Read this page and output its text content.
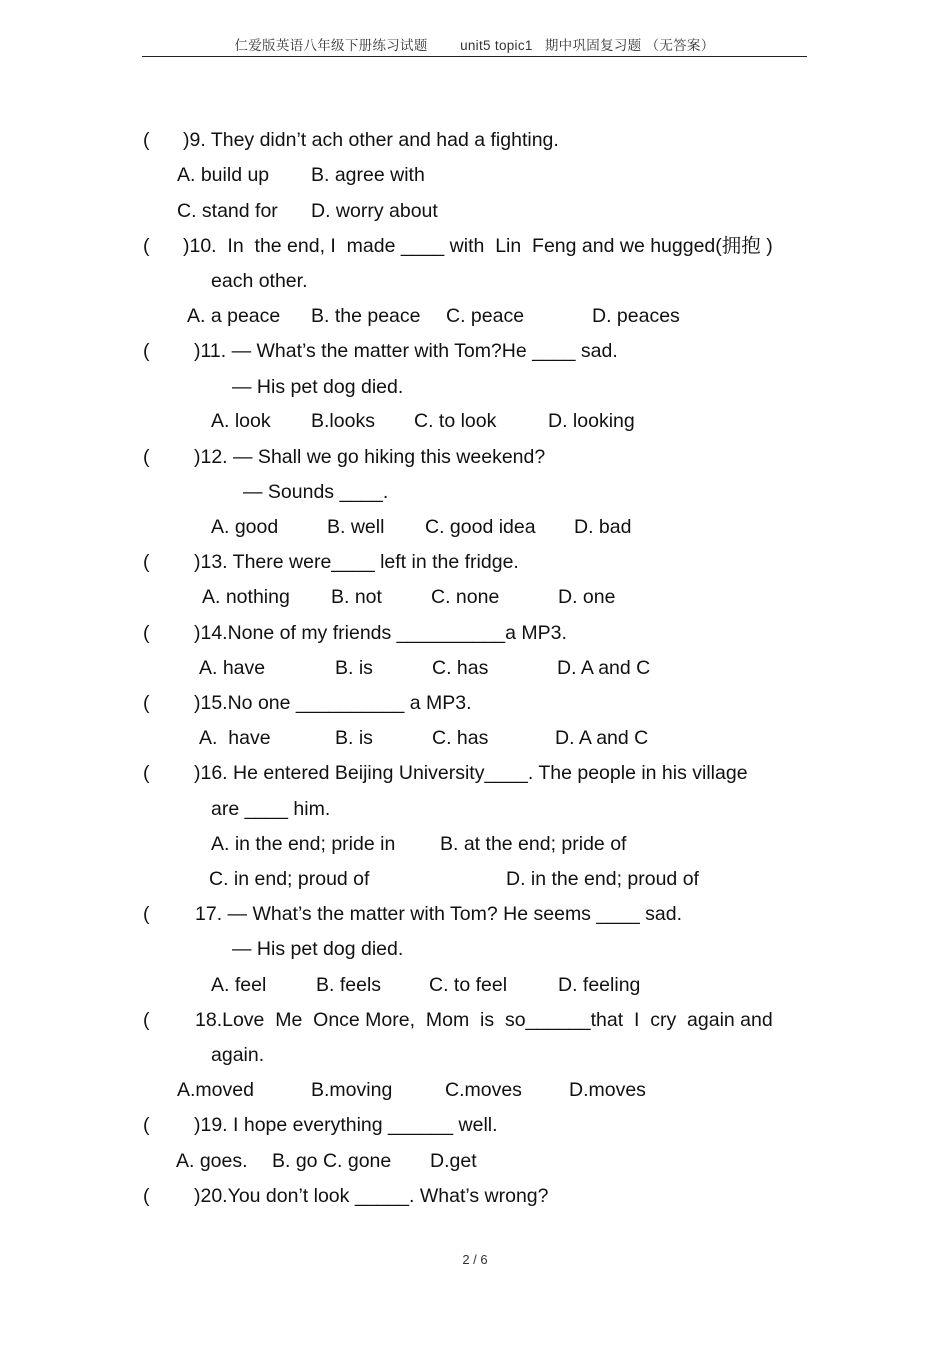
仁爱版英语八年级下册练习试题 unit5 topic1 期中巩固复习题 （无答案）
( )9. They didn’t ach other and had a fighting.
A. build up B. agree with
C. stand for D. worry about
( )10.  In  the end, I  made ____ with  Lin  Feng and we hugged(拥抱 )
each other.
A. a peace B. the peace C. peace	D. peaces
( )11. — What’s the matter with Tom?He ____ sad.
— His pet dog died.
A. look B.looks C. to look	D. looking
( )12. — Shall we go hiking this weekend?
— Sounds ____.
A. good	B. well C. good idea D. bad
( )13. There were____ left in the fridge.
A. nothing B. not	C. none	D. one
( )14.None of my friends __________a MP3.
A. have	B. is	C. has	D. A and C
( )15.No one __________ a MP3.
A.  have	B. is	C. has	D. A and C
( )16. He entered Beijing University____. The people in his village
are ____ him.
A. in the end; pride in B. at the end; pride of
C. in end; proud of	D. in the end; proud of
( 17. — What’s the matter with Tom? He seems ____ sad.
— His pet dog died.
A. feel	B. feels C. to feel	D. feeling
( 18.Love  Me  Once More,  Mom  is  so______that  I  cry  again and
again.
A.moved	B.moving	C.moves D.moves
( )19. I hope everything ______ well.
A. goes. B. go C. gone D.get
( )20.You don’t look _____. What’s wrong?
2 / 6
